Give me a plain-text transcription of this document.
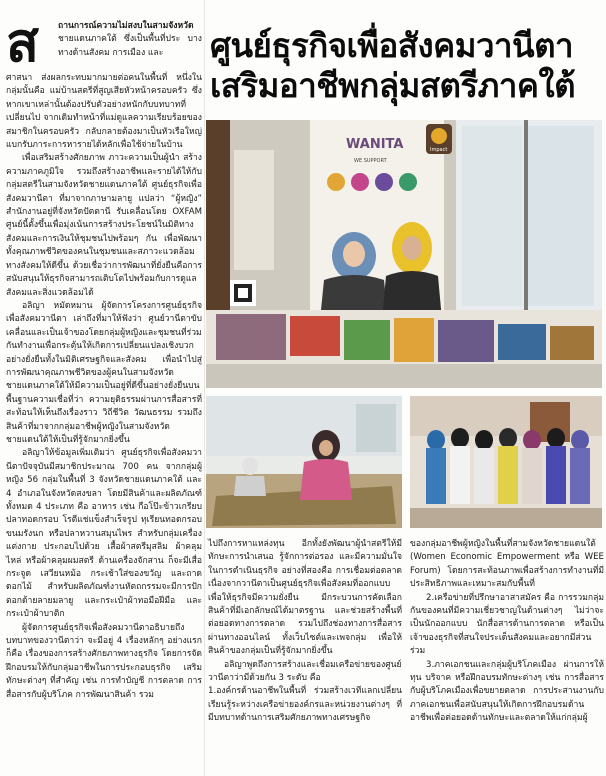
ส	ถานการณ์ความไม่สงบในสามจังหวัด ชายแดนภาคใต้ ซึ่งเป็นพื้นที่ประ บางทางด้านสังคม การเมือง และ
ศาสนา ส่งผลกระทบมากมายต่อคนในพื้นที่ หนึ่งในกลุ่มนั้นคือ แม่บ้านสตรีที่สูญเสียหัวหน้าครอบครัว ซึ่งหากเขาเหล่านั้นต้องปรับตัวอย่างหนักกับบทบาทที่เปลี่ยนไป จากเดิมทำหน้าที่แม่ดูแลความเรียบร้อยของสมาชิกในครอบครัว กลับกลายต้องมาเป็นหัวเรือใหญ่แบกรับภาระการหารายได้หลักเพื่อใช้จ่ายในบ้าน
เพื่อเสริมสร้างศักยภาพ ภาวะความเป็นผู้นำ สร้างความภาคภูมิใจ รวมถึงสร้างอาชีพและรายได้ให้กับกลุ่มสตรีในสามจังหวัดชายแดนภาคใต้ ศูนย์ธุรกิจเพื่อสังคมวานีตา ที่มาจากภาษามลายู แปลว่า “ผู้หญิง” สำนักงานอยู่ที่จังหวัดปัตตานี รับเคลื่อนโดย OXFAM ศูนย์นี้ตั้งขึ้นเพื่อมุ่งเน้นการสร้างประโยชน์ในมิติทางสังคมและการเงินให้ชุมชนไปพร้อมๆ กัน เพื่อพัฒนาทั้งคุณภาพชีวิตของคนในชุมชนและสภาวะแวดล้อมทางสังคมให้ดีขึ้น ด้วยเชื่อว่าการพัฒนาที่ยั่งยืนคือการสนับสนุนให้ธุรกิจสามารถเติบโตไปพร้อมกับการดูแลสังคมและสิ่งแวดล้อมได้
อลิญา หมัดหมาน ผู้จัดการโครงการศูนย์ธุรกิจเพื่อสังคมวานีตา เล่าถึงที่มาให้ฟังว่า ศูนย์วานีตาขับเคลื่อนและเป็นเจ้าของโดยกลุ่มผู้หญิงและชุมชนที่ร่วมกันทำงานเพื่อกระตุ้นให้เกิดการเปลี่ยนแปลงเชิงบวกอย่างยั่งยืนทั้งในมิติเศรษฐกิจและสังคม เพื่อนำไปสู่การพัฒนาคุณภาพชีวิตของผู้คนในสามจังหวัดชายแดนภาคใต้ให้มีความเป็นอยู่ที่ดีขึ้นอย่างยั่งยืนบนพื้นฐานความเชื่อที่ว่า ความยุติธรรมผ่านการสื่อสารที่สะท้อนให้เห็นถึงเรื่องราว วิถีชีวิต วัฒนธรรม รวมถึงสินค้าที่มาจากกลุ่มอาชีพผู้หญิงในสามจังหวัดชายแดนใต้ให้เป็นที่รู้จักมากยิ่งขึ้น
อลิญาให้ข้อมูลเพิ่มเติมว่า ศูนย์ธุรกิจเพื่อสังคมวานีตาปัจจุบันมีสมาชิกประมาณ 700 คน จากกลุ่มผู้หญิง 56 กลุ่มในพื้นที่ 3 จังหวัดชายแดนภาคใต้ และ 4 อำเภอในจังหวัดสงขลา โดยมีสินค้าและผลิตภัณฑ์ทั้งหมด 4 ประเภท คือ อาหาร เช่น กือโป๊ะข้าวเกรียบปลาทอดกรอบ โรตีแช่แข็งสำเร็จรูป ทุเรียนทอดกรอบ ขนมรังนก หรือปลาหวานสมุนไพร สำหรับกลุ่มเครื่องแต่งกาย ประกอบไปด้วย เสื้อผ้าสตรีมุสลิม ผ้าคลุมไหล่ หรือผ้าคลุมผมสตรี ด้านเครื่องจักสาน ก็จะมีเสื่อกระจูด เสวียนหม้อ กระเช้าใส่ของขวัญ และถาดดอกไม้ สำหรับผลิตภัณฑ์งานหัตถกรรมจะมีการปักตอกด้ายลายมลายู และกระเป๋าผ้าทอมือฝีมือ และกระเป๋าผ้าบาติก
ผู้จัดการศูนย์ธุรกิจเพื่อสังคมวานีตาอธิบายถึงบทบาทของวานีตาว่า จะมีอยู่ 4 เรื่องหลักๆ อย่างแรกก็คือ เรื่องของการสร้างศักยภาพทางธุรกิจ โดยการจัดฝึกอบรมให้กับกลุ่มอาชีพในการประกอบธุรกิจ เสริมทักษะต่างๆ ที่สำคัญ เช่น การทำบัญชี การตลาด การสื่อสารกับผู้บริโภค การพัฒนาสินค้า รวม
ศูนย์ธุรกิจเพื่อสังคมวานีตา
เสริมอาชีพกลุ่มสตรีภาคใต้
WANITA
WE SUPPORT
Impact
ไปถึงการหาแหล่งทุน อีกทั้งยังพัฒนาผู้นำสตรีให้มีทักษะการนำเสนอ รู้จักการต่อรอง และมีความมั่นใจในการดำเนินธุรกิจ อย่างที่สองคือ การเชื่อมต่อตลาด เนื่องจากวานีตาเป็นศูนย์ธุรกิจเพื่อสังคมที่ออกแบบเพื่อให้ธุรกิจมีความยั่งยืน มีกระบวนการคัดเลือกสินค้าที่มีเอกลักษณ์ได้มาตรฐาน และช่วยสร้างพื้นที่ต่อยอดทางการตลาด รวมไปถึงช่องทางการสื่อสารผ่านทางออนไลน์ ทั้งเว็บไซต์และเพจกลุ่ม เพื่อให้สินค้าของกลุ่มเป็นที่รู้จักมากยิ่งขึ้น
อลิญาพูดถึงการสร้างและเชื่อมเครือข่ายของศูนย์วานีตาว่ามีด้วยกัน 3 ระดับ คือ
1.องค์กรด้านอาชีพในพื้นที่ ร่วมสร้างเวทีแลกเปลี่ยนเรียนรู้ระหว่างเครือข่ายองค์กรและหน่วยงานต่างๆ ที่มีบทบาทด้านการเสริมศักยภาพทางเศรษฐกิจ
ของกลุ่มอาชีพผู้หญิงในพื้นที่สามจังหวัดชายแดนใต้ (Women Economic Empowerment หรือ WEE Forum) โดยการสะท้อนภาพเพื่อสร้างการทำงานที่มีประสิทธิภาพและเหมาะสมกับพื้นที่
2.เครือข่ายที่ปรึกษาอาสาสมัคร คือ การรวมกลุ่มกันของคนที่มีความเชี่ยวชาญในด้านต่างๆ ไม่ว่าจะเป็นนักออกแบบ นักสื่อสารด้านการตลาด หรือเป็นเจ้าของธุรกิจที่สนใจประเด็นสังคมและอยากมีส่วนร่วม
3.ภาคเอกชนและกลุ่มผู้บริโภคเมือง ผ่านการให้ทุน บริจาค หรือฝึกอบรมทักษะต่างๆ เช่น การสื่อสารกับผู้บริโภคเมืองเพื่อขยายตลาด การประสานงานกับภาคเอกชนเพื่อสนับสนุนให้เกิดการฝึกอบรมด้านอาชีพเพื่อต่อยอดด้านทักษะและตลาดให้แก่กลุ่มผู้
